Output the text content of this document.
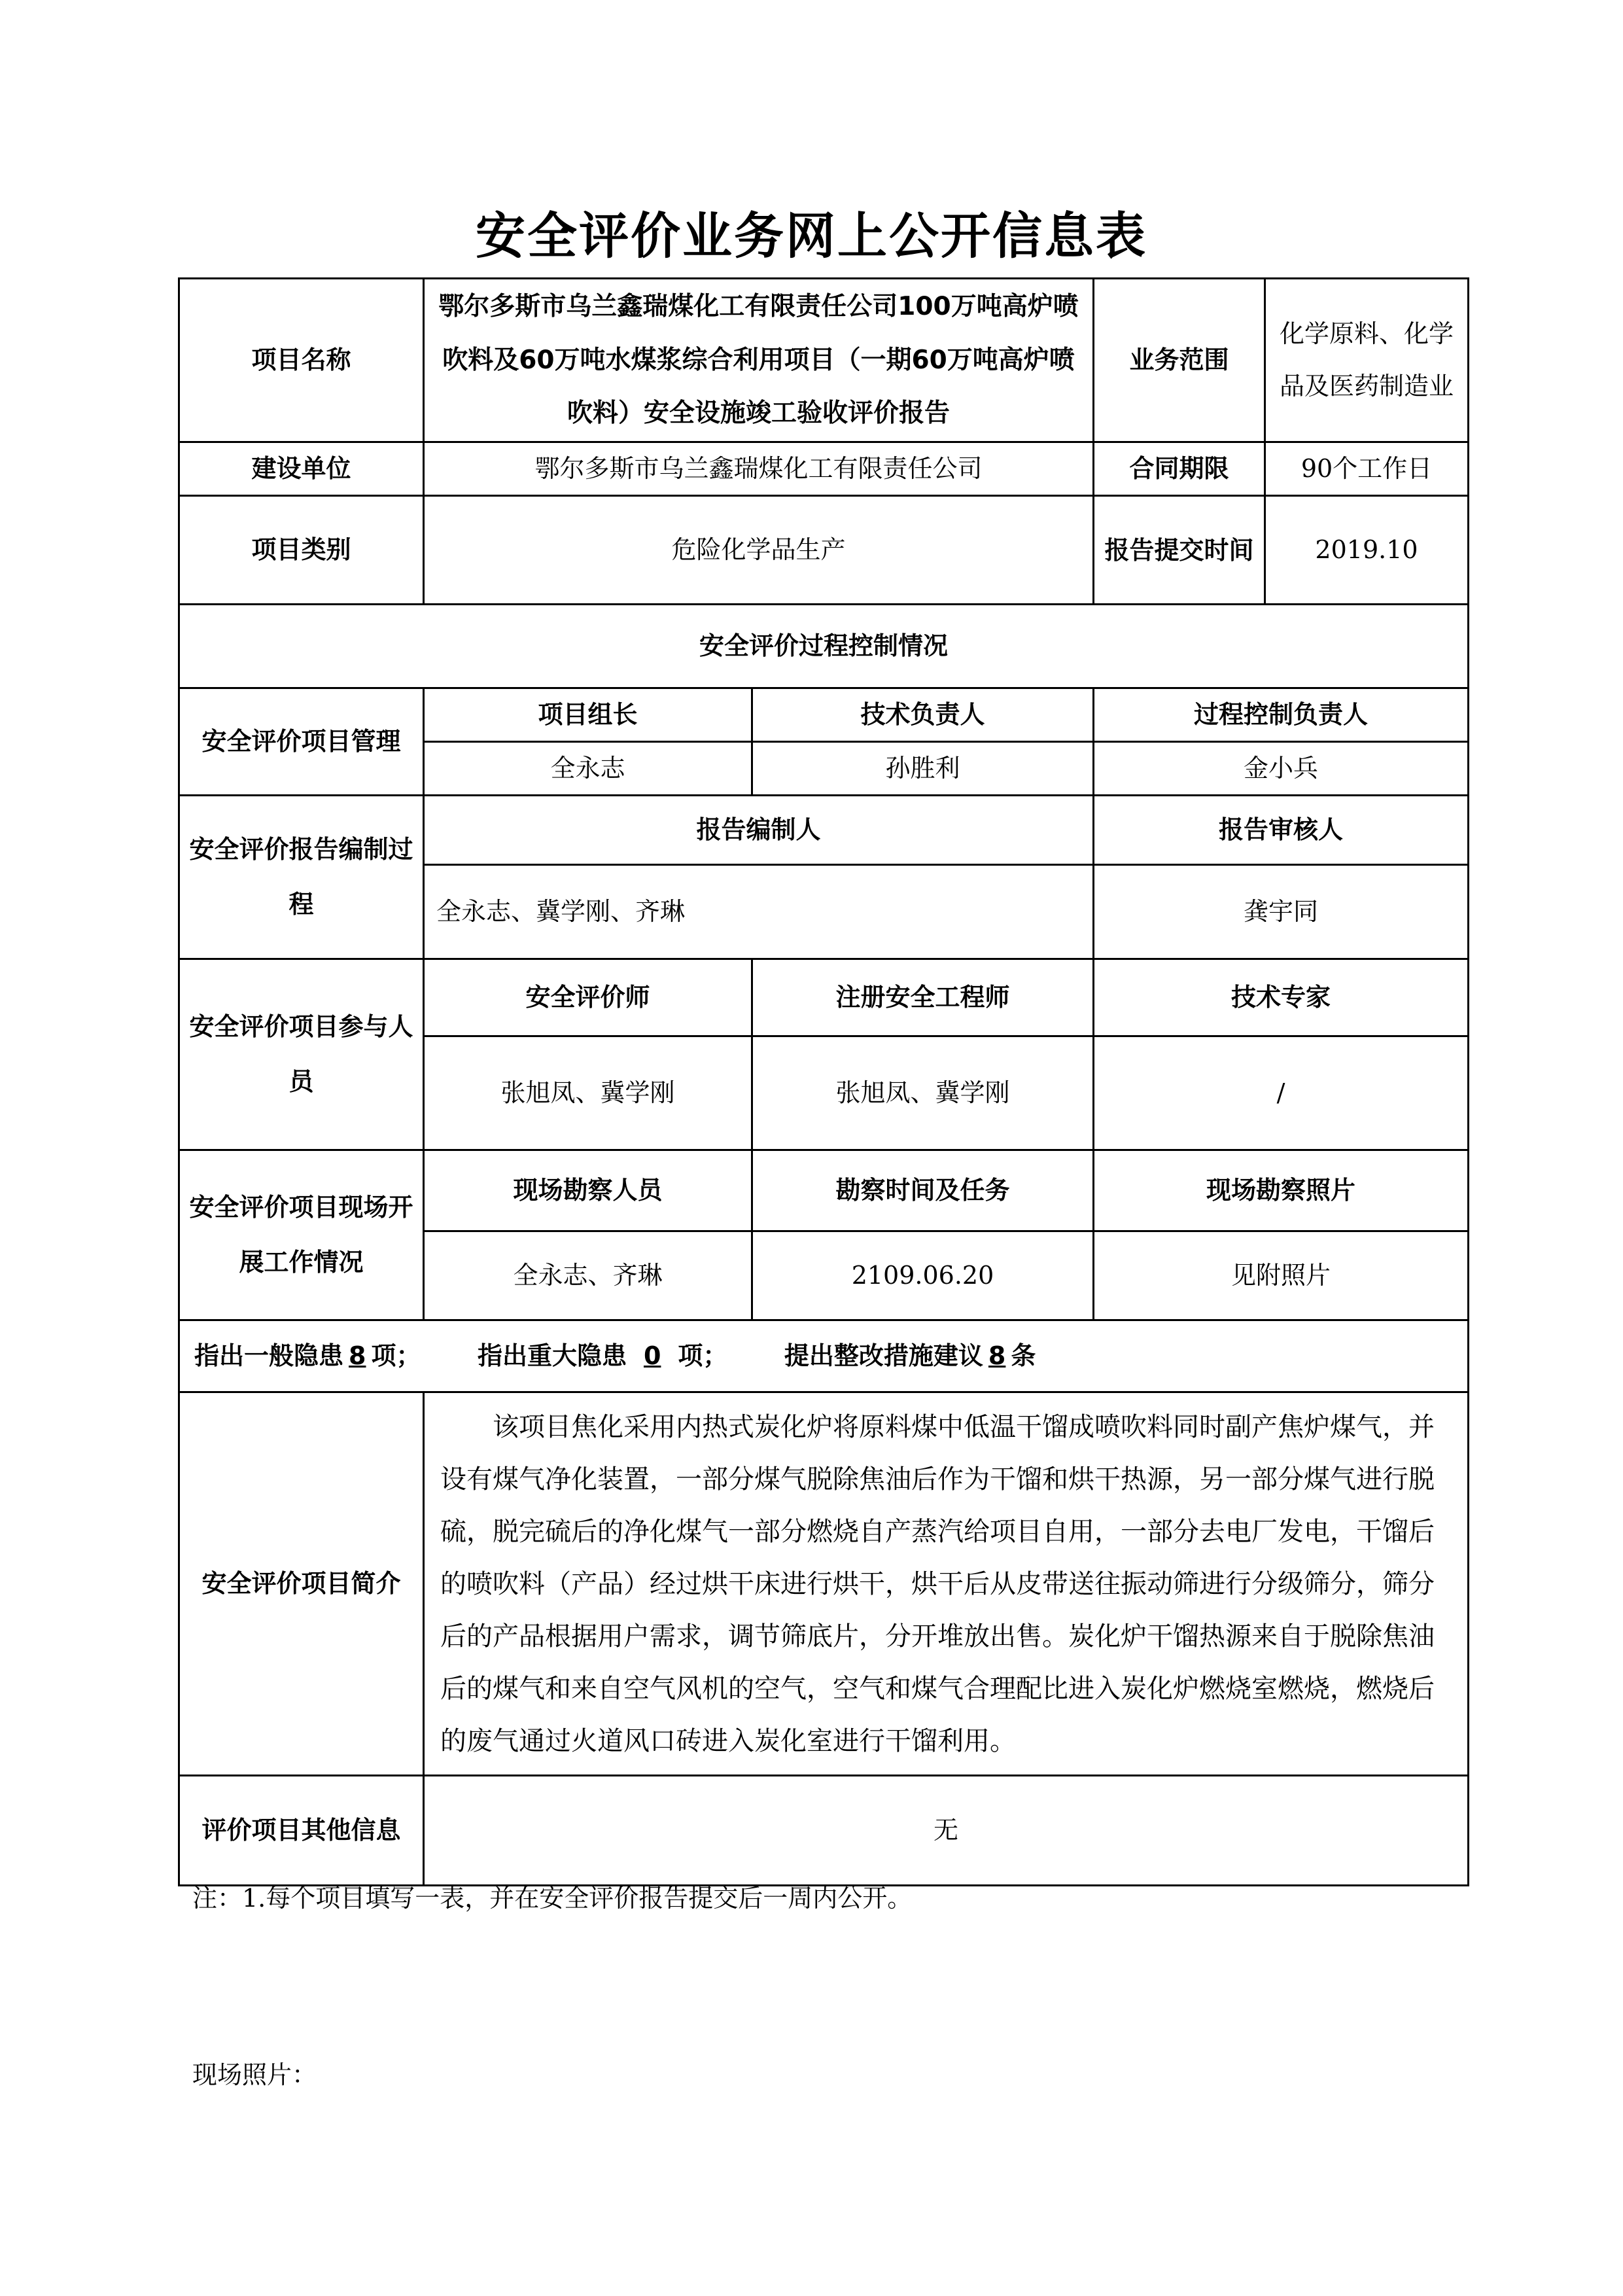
安全评价业务网上公开信息表
项目名称	鄂尔多斯市乌兰鑫瑞煤化工有限责任公司100万吨高炉喷吹料及60万吨水煤浆综合利用项目（一期60万吨高炉喷吹料）安全设施竣工验收评价报告		业务范围	化学原料、化学品及医药制造业
建设单位	鄂尔多斯市乌兰鑫瑞煤化工有限责任公司		合同期限	90个工作日
项目类别	危险化学品生产		报告提交时间	2019.10
安全评价过程控制情况				
安全评价项目管理	项目组长	技术负责人	过程控制负责人	
	全永志	孙胜利	金小兵	
安全评价报告编制过程	报告编制人		报告审核人	
	全永志、冀学刚、齐琳		龚宇同	
安全评价项目参与人员	安全评价师	注册安全工程师	技术专家	
	张旭凤、冀学刚	张旭凤、冀学刚	/	
安全评价项目现场开展工作情况	现场勘察人员	勘察时间及任务	现场勘察照片	
	全永志、齐琳	2109.06.20	见附照片	
指出一般隐患 8 项； 指出重大隐患 0 项； 提出整改措施建议 8 条				
安全评价项目简介	该项目焦化采用内热式炭化炉将原料煤中低温干馏成喷吹料同时副产焦炉煤气，并设有煤气净化装置，一部分煤气脱除焦油后作为干馏和烘干热源，另一部分煤气进行脱硫，脱完硫后的净化煤气一部分燃烧自产蒸汽给项目自用，一部分去电厂发电，干馏后的喷吹料（产品）经过烘干床进行烘干，烘干后从皮带送往振动筛进行分级筛分，筛分后的产品根据用户需求，调节筛底片，分开堆放出售。炭化炉干馏热源来自于脱除焦油后的煤气和来自空气风机的空气，空气和煤气合理配比进入炭化炉燃烧室燃烧，燃烧后的废气通过火道风口砖进入炭化室进行干馏利用。			

评价项目其他信息	无			
注：1.每个项目填写一表，并在安全评价报告提交后一周内公开。
现场照片：
